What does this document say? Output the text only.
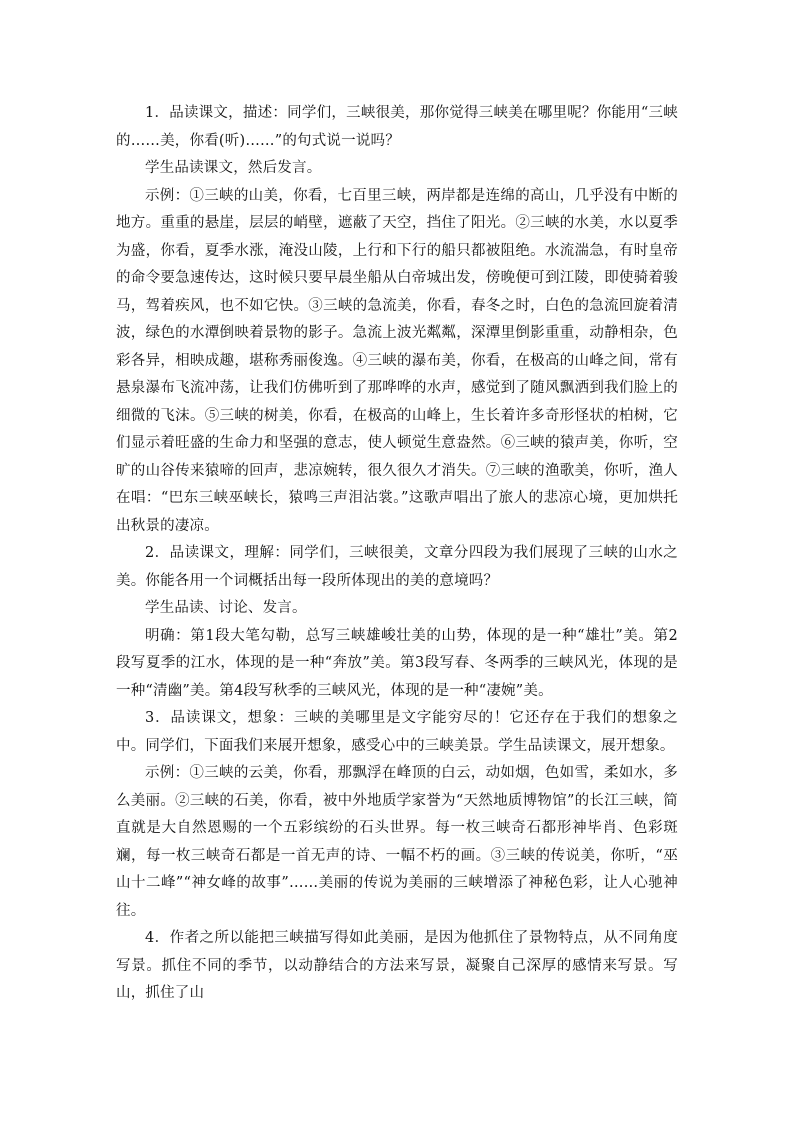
1．品读课文，描述：同学们，三峡很美，那你觉得三峡美在哪里呢？你能用“三峡的……美，你看(听)……”的句式说一说吗？

学生品读课文，然后发言。

示例：①三峡的山美，你看，七百里三峡，两岸都是连绵的高山，几乎没有中断的地方。重重的悬崖，层层的峭壁，遮蔽了天空，挡住了阳光。②三峡的水美，水以夏季为盛，你看，夏季水涨，淹没山陵，上行和下行的船只都被阻绝。水流湍急，有时皇帝的命令要急速传达，这时候只要早晨坐船从白帝城出发，傍晚便可到江陵，即使骑着骏马，驾着疾风，也不如它快。③三峡的急流美，你看，春冬之时，白色的急流回旋着清波，绿色的水潭倒映着景物的影子。急流上波光粼粼，深潭里倒影重重，动静相杂，色彩各异，相映成趣，堪称秀丽俊逸。④三峡的瀑布美，你看，在极高的山峰之间，常有悬泉瀑布飞流冲荡，让我们仿佛听到了那哗哗的水声，感觉到了随风飘洒到我们脸上的细微的飞沫。⑤三峡的树美，你看，在极高的山峰上，生长着许多奇形怪状的柏树，它们显示着旺盛的生命力和坚强的意志，使人顿觉生意盎然。⑥三峡的猿声美，你听，空旷的山谷传来猿啼的回声，悲凉婉转，很久很久才消失。⑦三峡的渔歌美，你听，渔人在唱：“巴东三峡巫峡长，猿鸣三声泪沾裳。”这歌声唱出了旅人的悲凉心境，更加烘托出秋景的凄凉。

2．品读课文，理解：同学们，三峡很美，文章分四段为我们展现了三峡的山水之美。你能各用一个词概括出每一段所体现出的美的意境吗？

学生品读、讨论、发言。

明确：第1段大笔勾勒，总写三峡雄峻壮美的山势，体现的是一种“雄壮”美。第2段写夏季的江水，体现的是一种“奔放”美。第3段写春、冬两季的三峡风光，体现的是一种“清幽”美。第4段写秋季的三峡风光，体现的是一种“凄婉”美。

3．品读课文，想象：三峡的美哪里是文字能穷尽的！它还存在于我们的想象之中。同学们，下面我们来展开想象，感受心中的三峡美景。学生品读课文，展开想象。

示例：①三峡的云美，你看，那飘浮在峰顶的白云，动如烟，色如雪，柔如水，多么美丽。②三峡的石美，你看，被中外地质学家誉为“天然地质博物馆”的长江三峡，简直就是大自然恩赐的一个五彩缤纷的石头世界。每一枚三峡奇石都形神毕肖、色彩斑斓，每一枚三峡奇石都是一首无声的诗、一幅不朽的画。③三峡的传说美，你听，“巫山十二峰”“神女峰的故事”……美丽的传说为美丽的三峡增添了神秘色彩，让人心驰神往。

4．作者之所以能把三峡描写得如此美丽，是因为他抓住了景物特点，从不同角度写景。抓住不同的季节，以动静结合的方法来写景，凝聚自己深厚的感情来写景。写山，抓住了山
